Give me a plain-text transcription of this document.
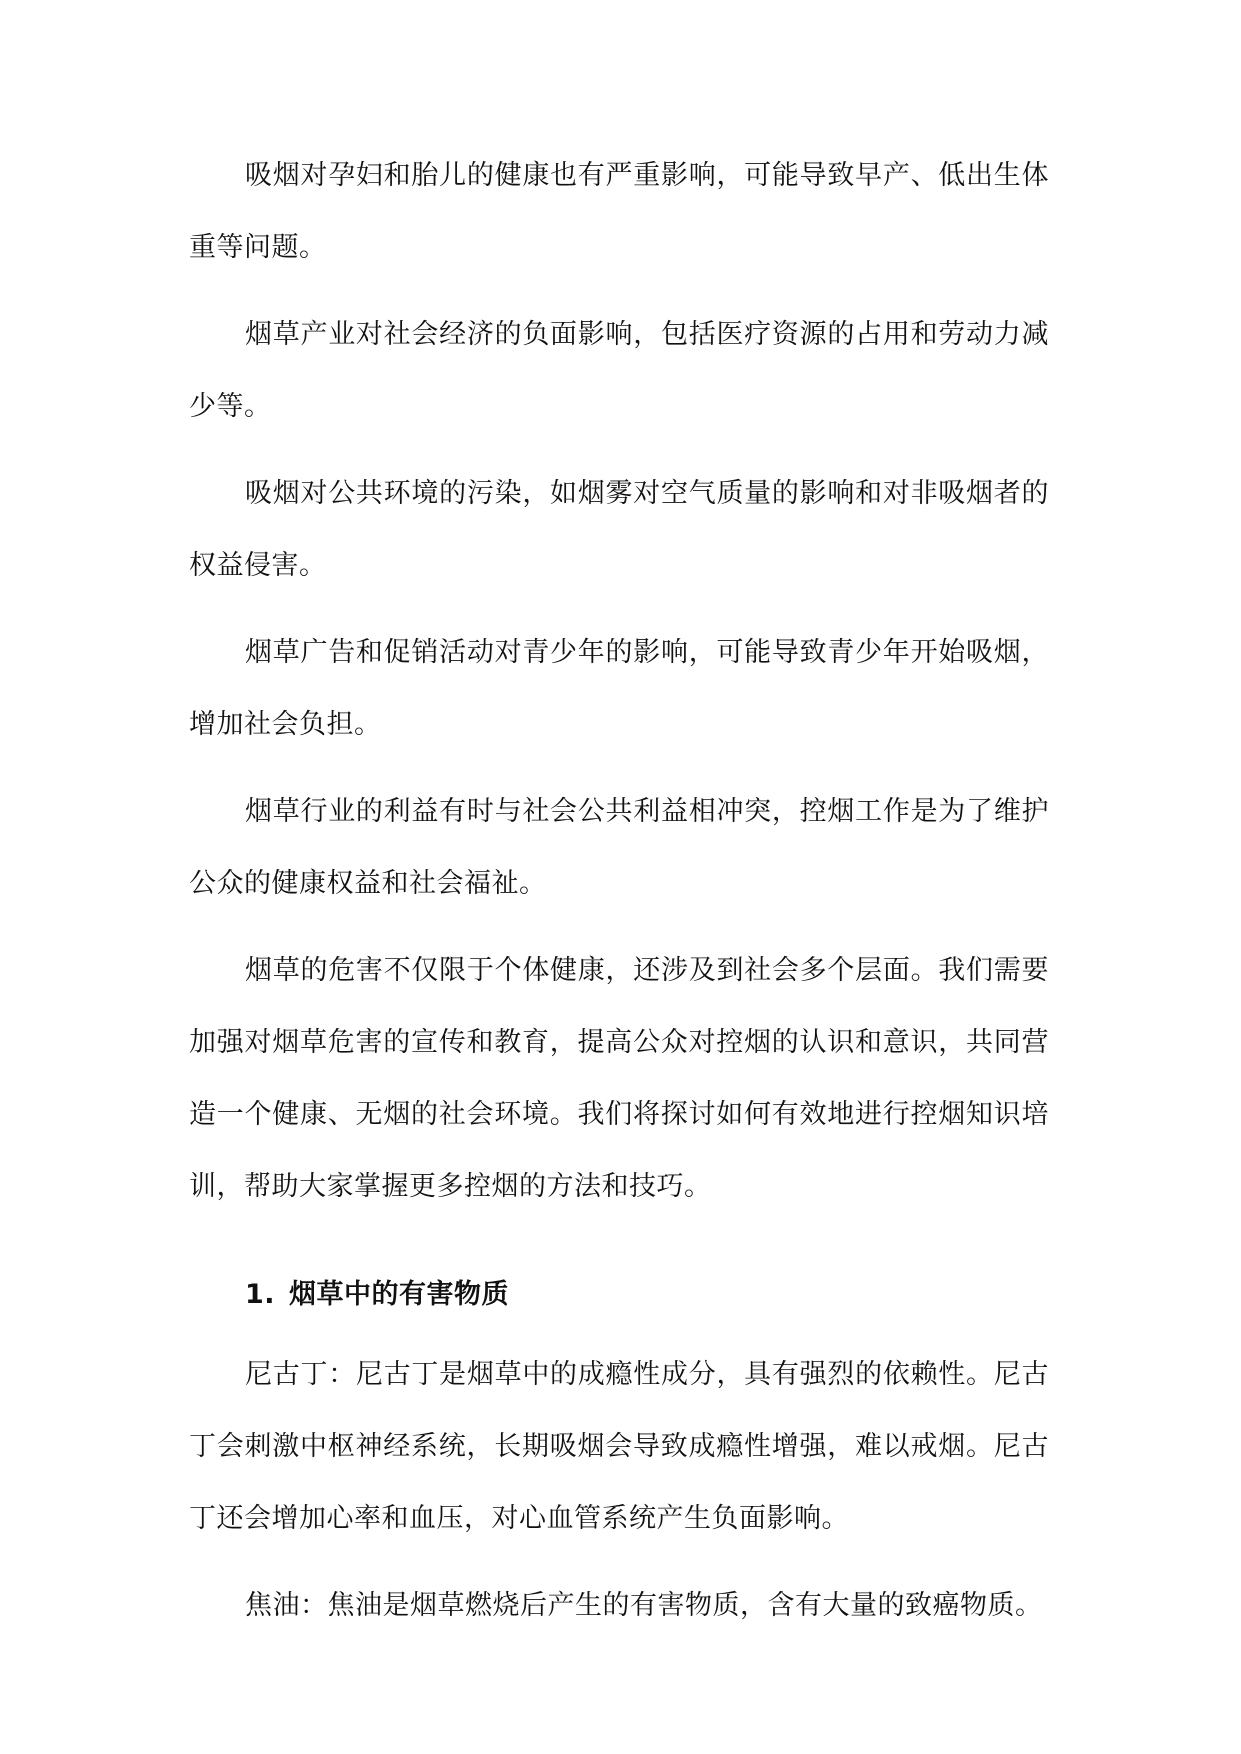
吸烟对孕妇和胎儿的健康也有严重影响，可能导致早产、低出生体重等问题。

烟草产业对社会经济的负面影响，包括医疗资源的占用和劳动力减少等。

吸烟对公共环境的污染，如烟雾对空气质量的影响和对非吸烟者的权益侵害。

烟草广告和促销活动对青少年的影响，可能导致青少年开始吸烟，增加社会负担。

烟草行业的利益有时与社会公共利益相冲突，控烟工作是为了维护公众的健康权益和社会福祉。

烟草的危害不仅限于个体健康，还涉及到社会多个层面。我们需要加强对烟草危害的宣传和教育，提高公众对控烟的认识和意识，共同营造一个健康、无烟的社会环境。我们将探讨如何有效地进行控烟知识培训，帮助大家掌握更多控烟的方法和技巧。

1. 烟草中的有害物质

尼古丁：尼古丁是烟草中的成瘾性成分，具有强烈的依赖性。尼古丁会刺激中枢神经系统，长期吸烟会导致成瘾性增强，难以戒烟。尼古丁还会增加心率和血压，对心血管系统产生负面影响。

焦油：焦油是烟草燃烧后产生的有害物质，含有大量的致癌物质。
